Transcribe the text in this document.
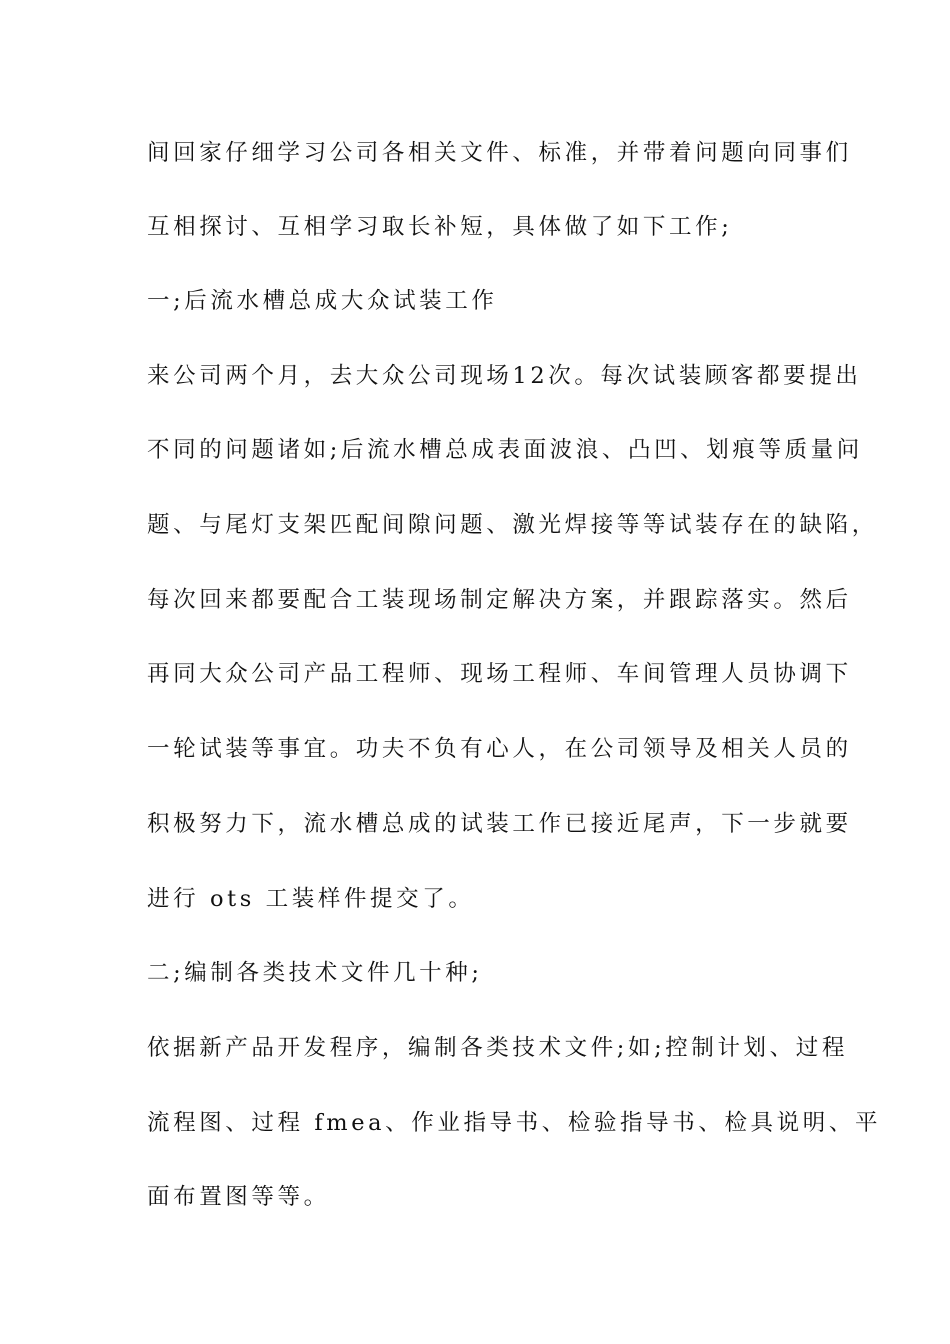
间回家仔细学习公司各相关文件、标准，并带着问题向同事们
互相探讨、互相学习取长补短，具体做了如下工作;
一;后流水槽总成大众试装工作
来公司两个月，去大众公司现场12次。每次试装顾客都要提出
不同的问题诸如;后流水槽总成表面波浪、凸凹、划痕等质量问
题、与尾灯支架匹配间隙问题、激光焊接等等试装存在的缺陷，
每次回来都要配合工装现场制定解决方案，并跟踪落实。然后
再同大众公司产品工程师、现场工程师、车间管理人员协调下
一轮试装等事宜。功夫不负有心人，在公司领导及相关人员的
积极努力下，流水槽总成的试装工作已接近尾声，下一步就要
进行 ots 工装样件提交了。
二;编制各类技术文件几十种;
依据新产品开发程序，编制各类技术文件;如;控制计划、过程
流程图、过程 fmea、作业指导书、检验指导书、检具说明、平
面布置图等等。
